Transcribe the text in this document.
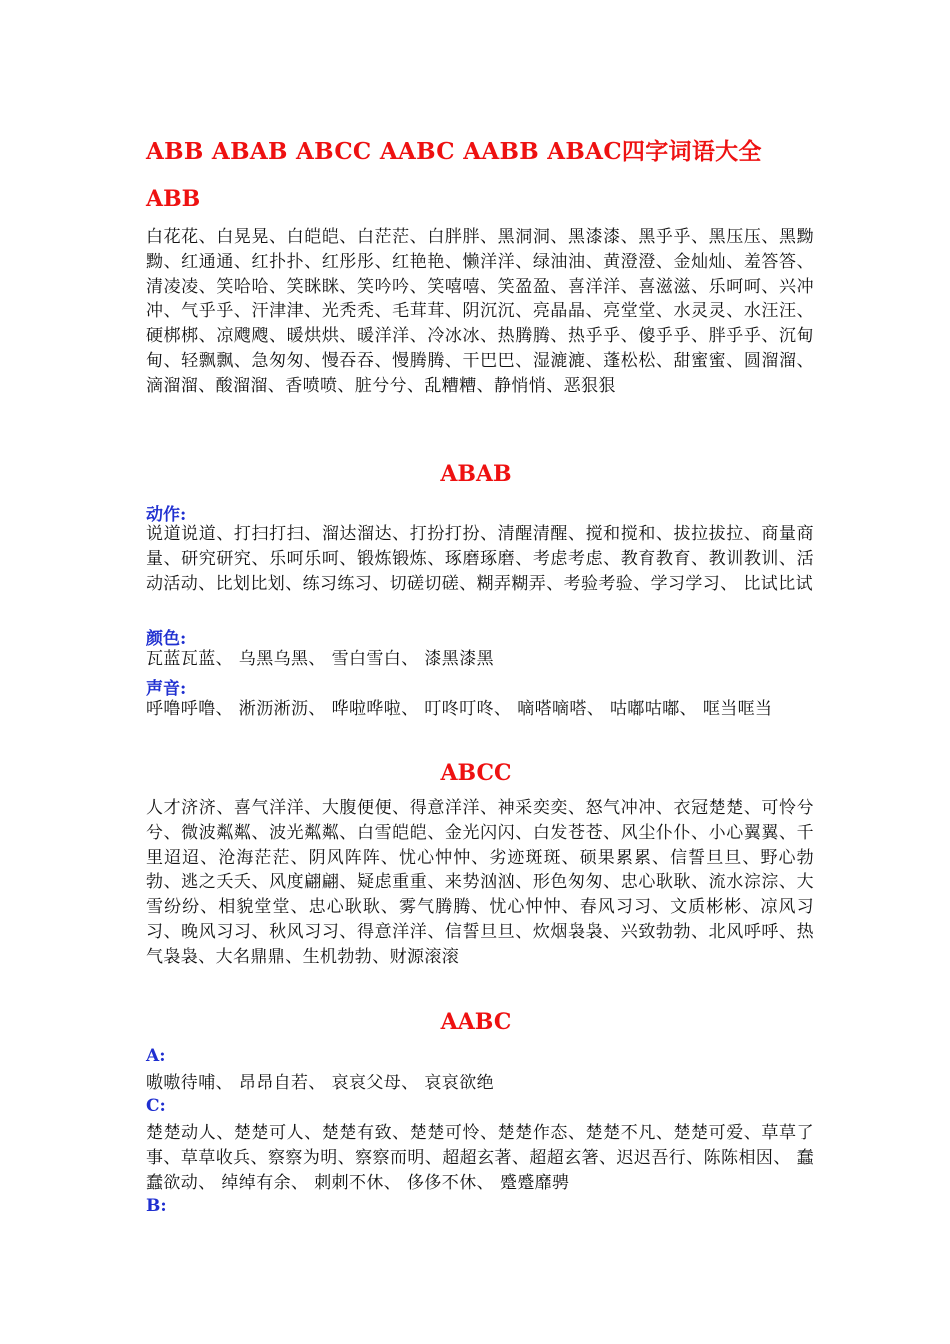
ABB ABAB ABCC AABC AABB ABAC四字词语大全
ABB
白花花、白晃晃、白皑皑、白茫茫、白胖胖、黑洞洞、黑漆漆、黑乎乎、黑压压、黑黝黝、红通通、红扑扑、红彤彤、红艳艳、懒洋洋、绿油油、黄澄澄、金灿灿、羞答答、清凌凌、笑哈哈、笑眯眯、笑吟吟、笑嘻嘻、笑盈盈、喜洋洋、喜滋滋、乐呵呵、兴冲冲、气乎乎、汗津津、光秃秃、毛茸茸、阴沉沉、亮晶晶、亮堂堂、水灵灵、水汪汪、硬梆梆、凉飕飕、暖烘烘、暖洋洋、冷冰冰、热腾腾、热乎乎、傻乎乎、胖乎乎、沉甸甸、轻飘飘、急匆匆、慢吞吞、慢腾腾、干巴巴、湿漉漉、蓬松松、甜蜜蜜、圆溜溜、滴溜溜、酸溜溜、香喷喷、脏兮兮、乱糟糟、静悄悄、恶狠狠
ABAB
动作:
说道说道、打扫打扫、溜达溜达、打扮打扮、清醒清醒、搅和搅和、拔拉拔拉、商量商量、研究研究、乐呵乐呵、锻炼锻炼、琢磨琢磨、考虑考虑、教育教育、教训教训、活动活动、比划比划、练习练习、切磋切磋、糊弄糊弄、考验考验、学习学习、 比试比试
颜色:
瓦蓝瓦蓝、 乌黑乌黑、 雪白雪白、 漆黑漆黑
声音:
呼噜呼噜、 淅沥淅沥、 哗啦哗啦、 叮咚叮咚、 嘀嗒嘀嗒、 咕嘟咕嘟、 哐当哐当
ABCC
人才济济、喜气洋洋、大腹便便、得意洋洋、神采奕奕、怒气冲冲、衣冠楚楚、可怜兮兮、微波粼粼、波光粼粼、白雪皑皑、金光闪闪、白发苍苍、风尘仆仆、小心翼翼、千里迢迢、沧海茫茫、阴风阵阵、忧心忡忡、劣迹斑斑、硕果累累、信誓旦旦、野心勃勃、逃之夭夭、风度翩翩、疑虑重重、来势汹汹、形色匆匆、忠心耿耿、流水淙淙、大雪纷纷、相貌堂堂、忠心耿耿、雾气腾腾、忧心忡忡、春风习习、文质彬彬、凉风习习、晚风习习、秋风习习、得意洋洋、信誓旦旦、炊烟袅袅、兴致勃勃、北风呼呼、热气袅袅、大名鼎鼎、生机勃勃、财源滚滚
AABC
A:
嗷嗷待哺、 昂昂自若、 哀哀父母、 哀哀欲绝
C:
楚楚动人、楚楚可人、楚楚有致、楚楚可怜、楚楚作态、楚楚不凡、楚楚可爱、草草了事、草草收兵、察察为明、察察而明、超超玄著、超超玄箸、迟迟吾行、陈陈相因、 蠢蠢欲动、 绰绰有余、 刺刺不休、 侈侈不休、 蹙蹙靡骋
B:
